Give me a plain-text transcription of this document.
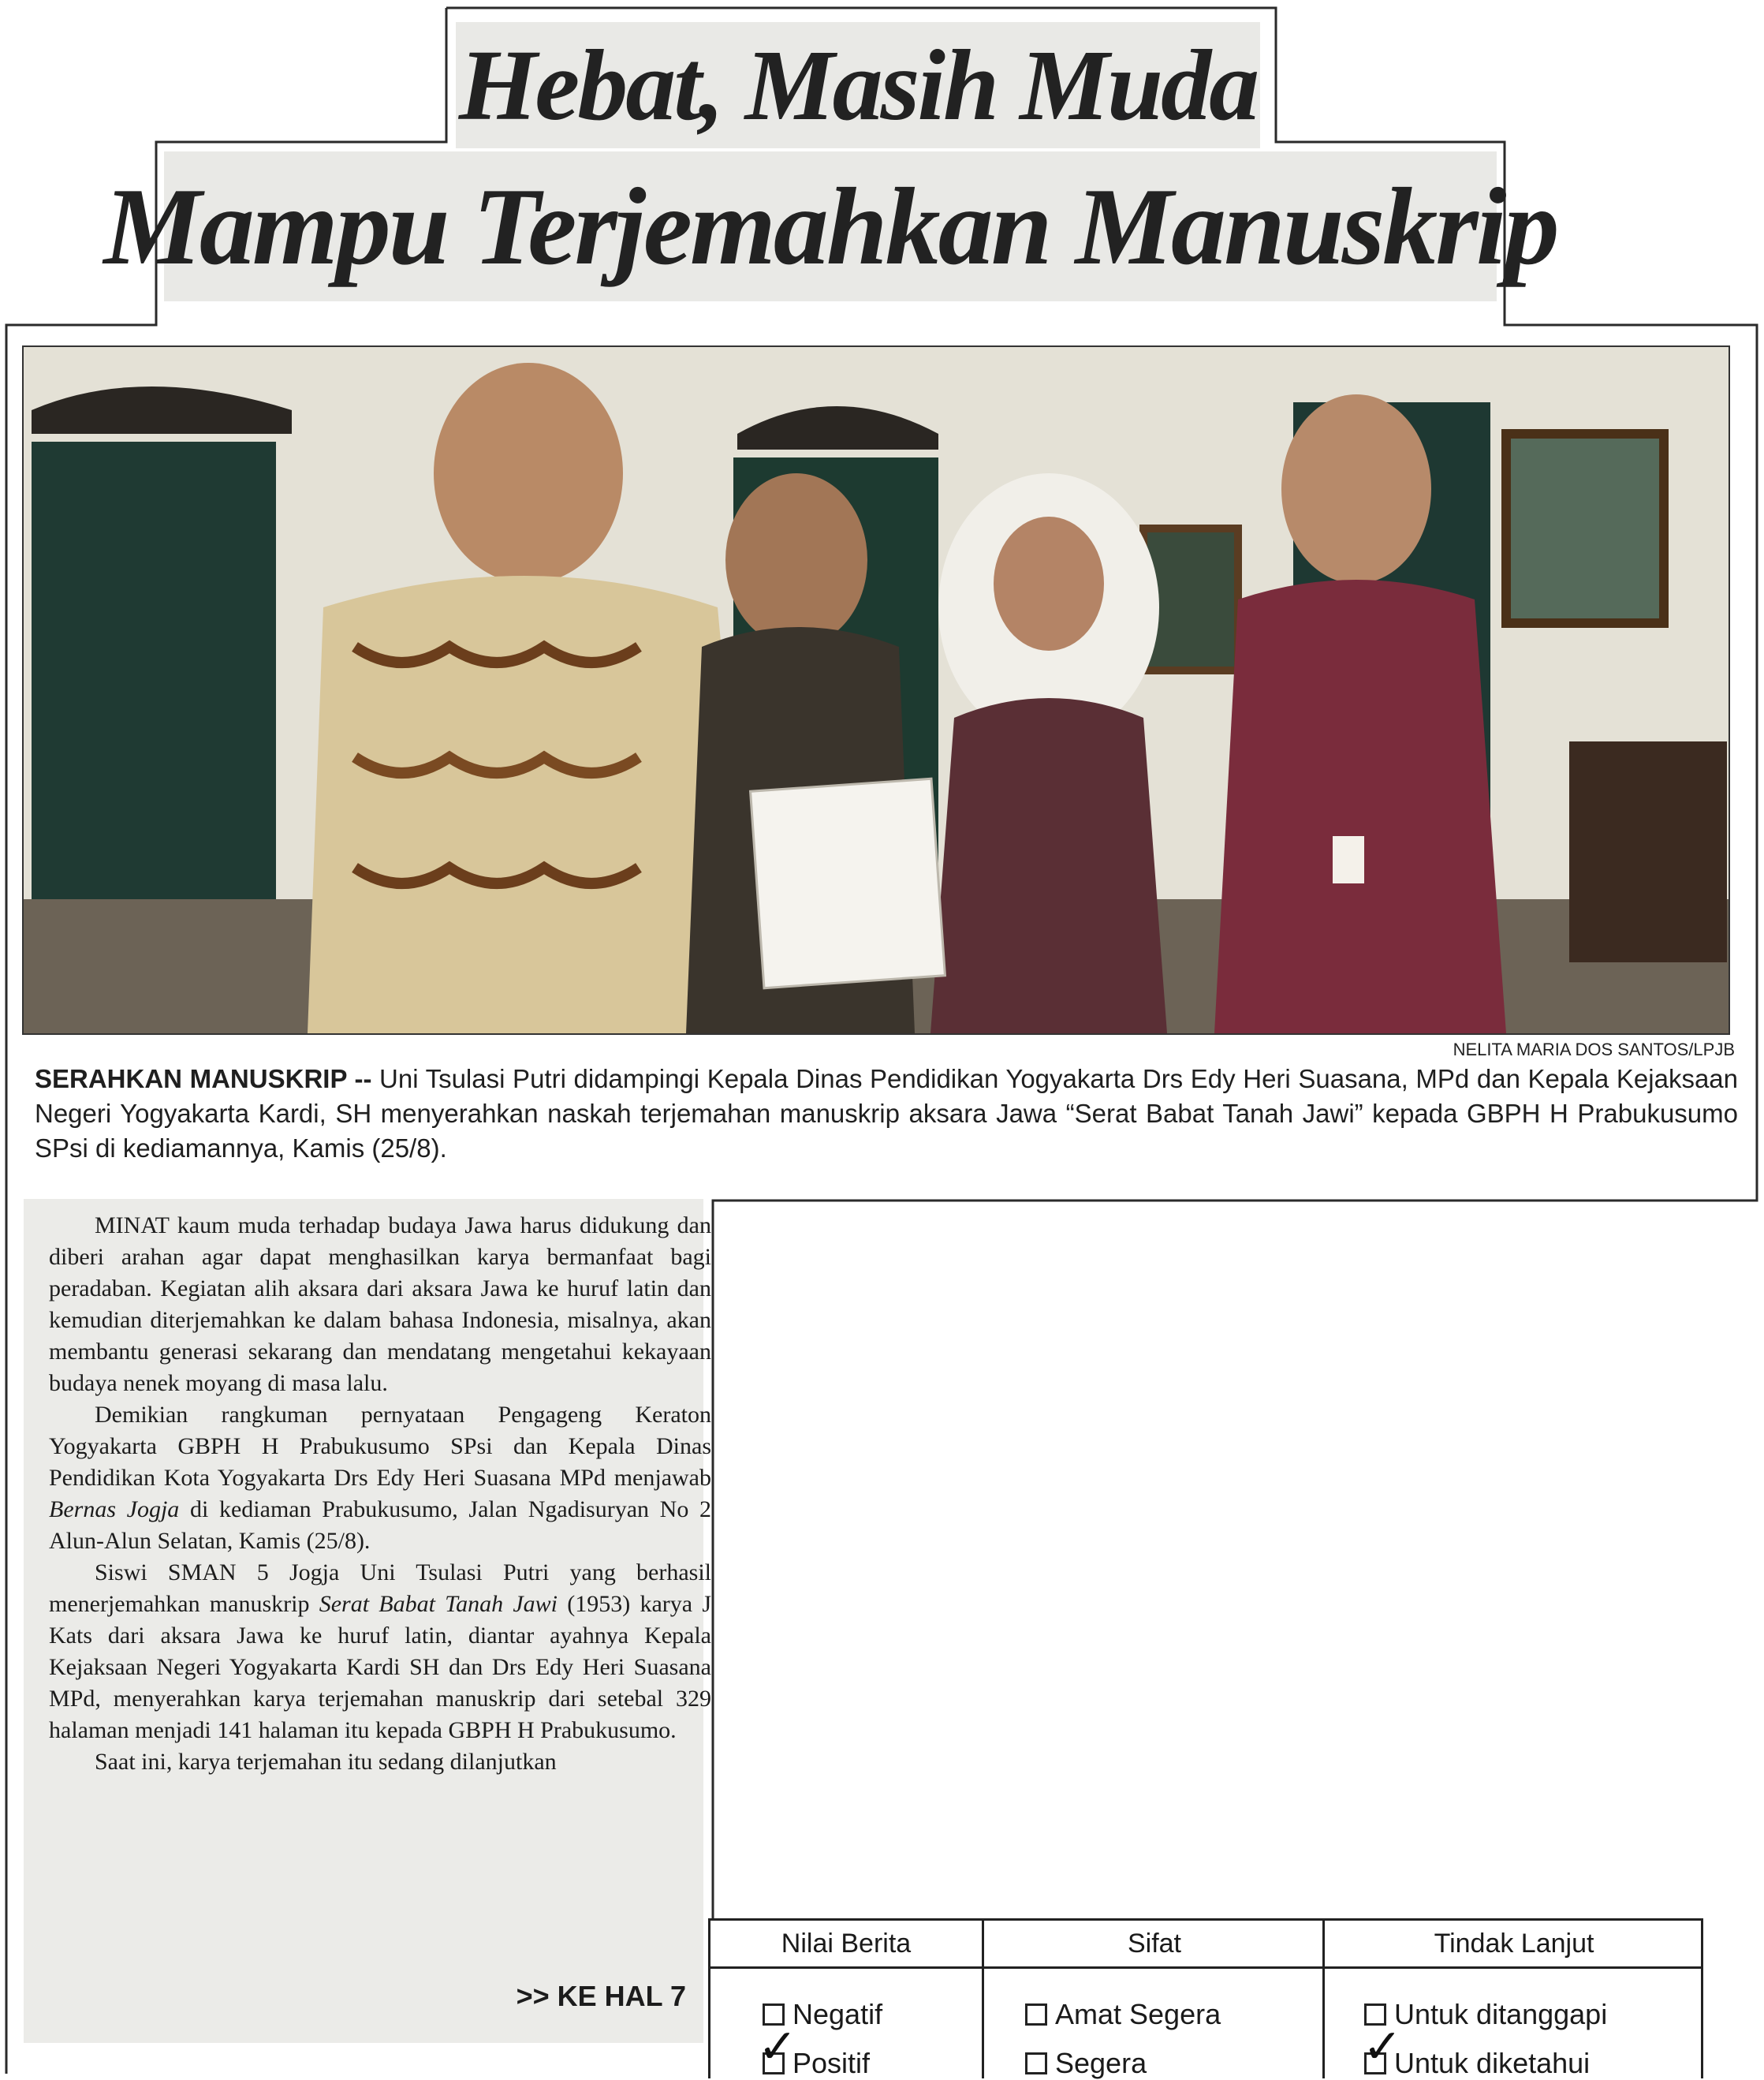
Hebat, Masih Muda
Mampu Terjemahkan Manuskrip
NELITA MARIA DOS SANTOS/LPJB
SERAHKAN MANUSKRIP -- Uni Tsulasi Putri didampingi Kepala Dinas Pendidikan Yogyakarta Drs Edy Heri Suasana, MPd dan Kepala Kejaksaan Negeri Yogyakarta Kardi, SH menyerahkan naskah terjemahan manuskrip aksara Jawa “Serat Babat Tanah Jawi” kepada GBPH H Prabukusumo SPsi di kediamannya, Kamis (25/8).

MINAT kaum muda terhadap budaya Jawa harus didukung dan diberi arahan agar dapat menghasilkan karya bermanfaat bagi peradaban. Kegiatan alih aksara dari aksara Jawa ke huruf latin dan kemudian diterjemahkan ke dalam bahasa Indonesia, misalnya, akan membantu generasi sekarang dan mendatang mengetahui kekayaan budaya nenek moyang di masa lalu.

Demikian rangkuman pernyataan Pengageng Keraton Yogyakarta GBPH H Prabukusumo SPsi dan Kepala Dinas Pendidikan Kota Yogyakarta Drs Edy Heri Suasana MPd menjawab Bernas Jogja di kediaman Prabukusumo, Jalan Ngadisuryan No 2 Alun-Alun Selatan, Kamis (25/8).

Siswi SMAN 5 Jogja Uni Tsulasi Putri yang berhasil menerjemahkan manuskrip Serat Babat Tanah Jawi (1953) karya J Kats dari aksara Jawa ke huruf latin, diantar ayahnya Kepala Kejaksaan Negeri Yogyakarta Kardi SH dan Drs Edy Heri Suasana MPd, menyerahkan karya terjemahan manuskrip dari setebal 329 halaman menjadi 141 halaman itu kepada GBPH H Prabukusumo.

Saat ini, karya terjemahan itu sedang dilanjutkan

>> KE HAL 7
Nilai Berita
Negatif
Positif
✓
Sifat
Amat Segera
Segera
Tindak Lanjut
Untuk ditanggapi
Untuk diketahui
✓
